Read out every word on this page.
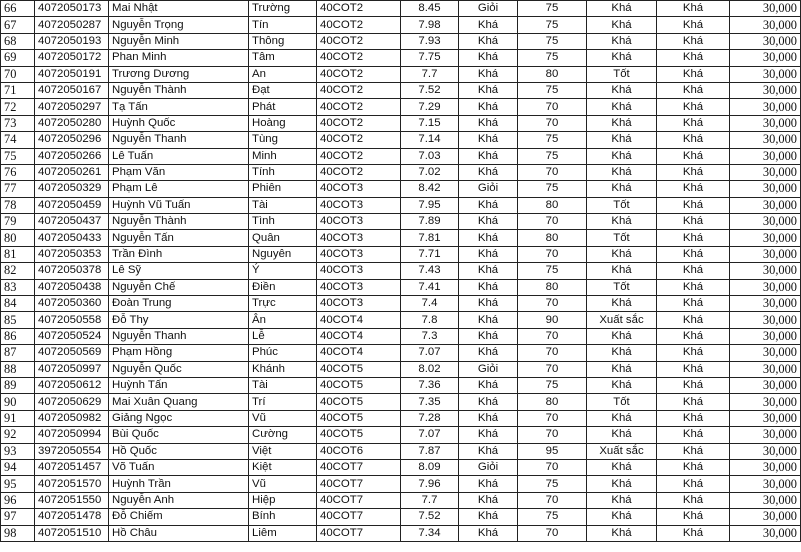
66	4072050173	Mai Nhật	Trường	40COT2	8.45	Giỏi	75	Khá	Khá	30,000
67	4072050287	Nguyễn Trọng	Tín	40COT2	7.98	Khá	75	Khá	Khá	30,000
68	4072050193	Nguyễn Minh	Thông	40COT2	7.93	Khá	75	Khá	Khá	30,000
69	4072050172	Phan Minh	Tâm	40COT2	7.75	Khá	75	Khá	Khá	30,000
70	4072050191	Trương Dương	An	40COT2	7.7	Khá	80	Tốt	Khá	30,000
71	4072050167	Nguyễn Thành	Đạt	40COT2	7.52	Khá	75	Khá	Khá	30,000
72	4072050297	Tạ Tấn	Phát	40COT2	7.29	Khá	70	Khá	Khá	30,000
73	4072050280	Huỳnh Quốc	Hoàng	40COT2	7.15	Khá	70	Khá	Khá	30,000
74	4072050296	Nguyễn Thanh	Tùng	40COT2	7.14	Khá	75	Khá	Khá	30,000
75	4072050266	Lê Tuấn	Minh	40COT2	7.03	Khá	75	Khá	Khá	30,000
76	4072050261	Phạm Văn	Tính	40COT2	7.02	Khá	70	Khá	Khá	30,000
77	4072050329	Phạm Lê	Phiên	40COT3	8.42	Giỏi	75	Khá	Khá	30,000
78	4072050459	Huỳnh Vũ Tuấn	Tài	40COT3	7.95	Khá	80	Tốt	Khá	30,000
79	4072050437	Nguyễn Thành	Tình	40COT3	7.89	Khá	70	Khá	Khá	30,000
80	4072050433	Nguyễn Tấn	Quân	40COT3	7.81	Khá	80	Tốt	Khá	30,000
81	4072050353	Trần Đình	Nguyên	40COT3	7.71	Khá	70	Khá	Khá	30,000
82	4072050378	Lê Sỹ	Ý	40COT3	7.43	Khá	75	Khá	Khá	30,000
83	4072050438	Nguyễn Chế	Điền	40COT3	7.41	Khá	80	Tốt	Khá	30,000
84	4072050360	Đoàn Trung	Trực	40COT3	7.4	Khá	70	Khá	Khá	30,000
85	4072050558	Đỗ Thy	Ân	40COT4	7.8	Khá	90	Xuất sắc	Khá	30,000
86	4072050524	Nguyễn Thanh	Lễ	40COT4	7.3	Khá	70	Khá	Khá	30,000
87	4072050569	Phạm Hồng	Phúc	40COT4	7.07	Khá	70	Khá	Khá	30,000
88	4072050997	Nguyễn Quốc	Khánh	40COT5	8.02	Giỏi	70	Khá	Khá	30,000
89	4072050612	Huỳnh Tấn	Tài	40COT5	7.36	Khá	75	Khá	Khá	30,000
90	4072050629	Mai Xuân Quang	Trí	40COT5	7.35	Khá	80	Tốt	Khá	30,000
91	4072050982	Giảng Ngọc	Vũ	40COT5	7.28	Khá	70	Khá	Khá	30,000
92	4072050994	Bùi Quốc	Cường	40COT5	7.07	Khá	70	Khá	Khá	30,000
93	3972050554	Hồ Quốc	Việt	40COT6	7.87	Khá	95	Xuất sắc	Khá	30,000
94	4072051457	Võ Tuấn	Kiệt	40COT7	8.09	Giỏi	70	Khá	Khá	30,000
95	4072051570	Huỳnh Trần	Vũ	40COT7	7.96	Khá	75	Khá	Khá	30,000
96	4072051550	Nguyễn Anh	Hiệp	40COT7	7.7	Khá	70	Khá	Khá	30,000
97	4072051478	Đỗ Chiếm	Bính	40COT7	7.52	Khá	75	Khá	Khá	30,000
98	4072051510	Hồ Châu	Liêm	40COT7	7.34	Khá	70	Khá	Khá	30,000
